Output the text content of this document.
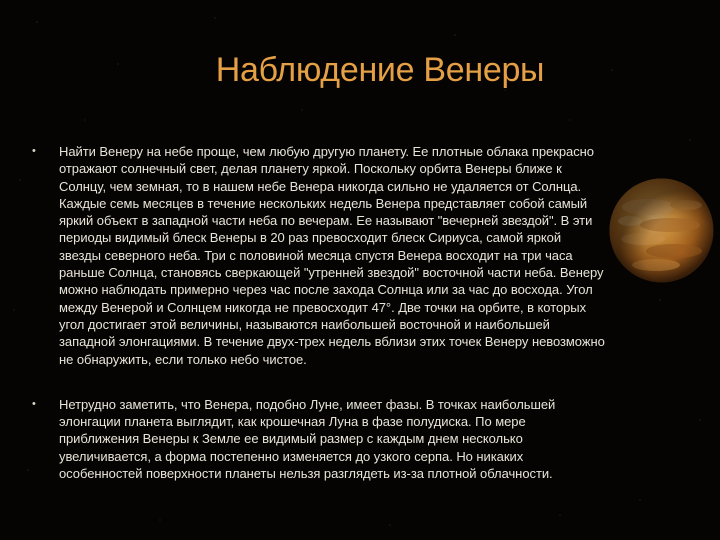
Наблюдение Венеры
• Найти Венеру на небе проще, чем любую другую планету. Ее плотные облака прекрасно отражают солнечный свет, делая планету яркой. Поскольку орбита Венеры ближе к Солнцу, чем земная, то в нашем небе Венера никогда сильно не удаляется от Солнца. Каждые семь месяцев в течение нескольких недель Венера представляет собой самый яркий объект в западной части неба по вечерам. Ее называют "вечерней звездой". В эти периоды видимый блеск Венеры в 20 раз превосходит блеск Сириуса, самой яркой звезды северного неба. Три с половиной месяца спустя Венера восходит на три часа раньше Солнца, становясь сверкающей "утренней звездой" восточной части неба. Венеру можно наблюдать примерно через час после захода Солнца или за час до восхода. Угол между Венерой и Солнцем никогда не превосходит 47°. Две точки на орбите, в которых угол достигает этой величины, называются наибольшей восточной и наибольшей западной элонгациями. В течение двух-трех недель вблизи этих точек Венеру невозможно не обнаружить, если только небо чистое.
• Нетрудно заметить, что Венера, подобно Луне, имеет фазы. В точках наибольшей элонгации планета выглядит, как крошечная Луна в фазе полудиска. По мере приближения Венеры к Земле ее видимый размер с каждым днем несколько увеличивается, а форма постепенно изменяется до узкого серпа. Но никаких особенностей поверхности планеты нельзя разглядеть из-за плотной облачности.
